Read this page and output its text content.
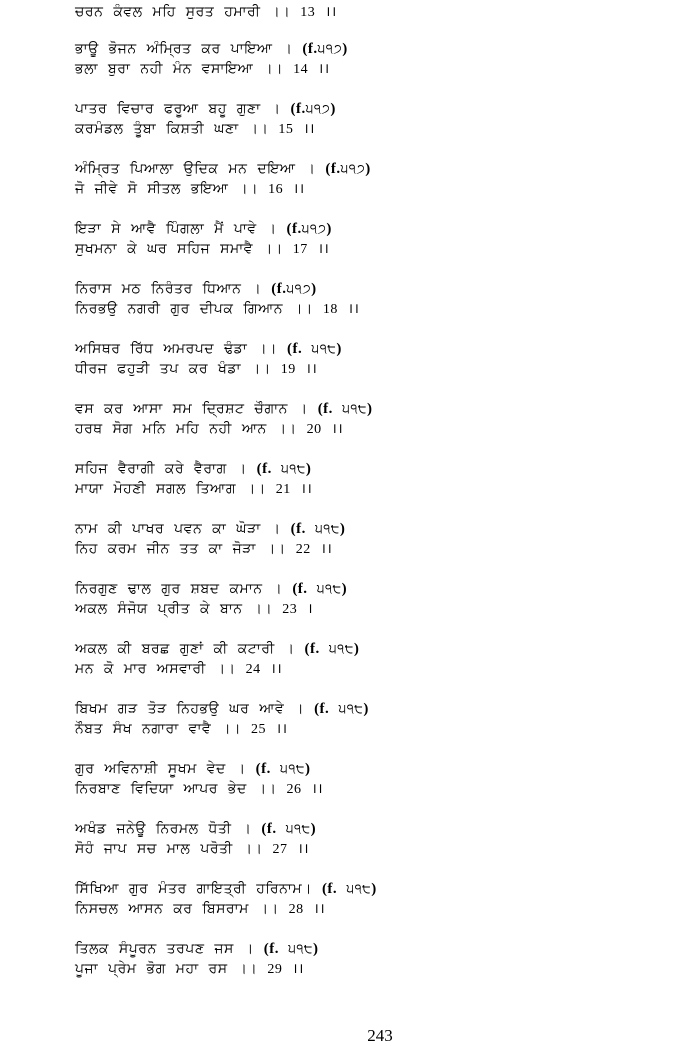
ਚਰਨ ਕੰਵਲ ਮਹਿ ਸੁਰਤ ਹਮਾਰੀ ।। 13 ।।
ਭਾਊ ਭੋਜਨ ਅੰਮ੍ਰਿਤ ਕਰ ਪਾਇਆ । (f.੫੧੭)
ਭਲਾ ਬੁਰਾ ਨਹੀ ਮੰਨ ਵਸਾਇਆ ।। 14 ।।
ਪਾਤਰ ਵਿਚਾਰ ਫਰੂਆ ਬਹੂ ਗੁਣਾ । (f.੫੧੭)
ਕਰਮੰਡਲ ਤੂੰਬਾ ਕਿਸ਼ਤੀ ਘਣਾ ।। 15 ।।
ਅੰਮ੍ਰਿਤ ਪਿਆਲਾ ਉਦਿਕ ਮਨ ਦਇਆ । (f.੫੧੭)
ਜੋ ਜੀਵੇ ਸੋ ਸੀਤਲ ਭਇਆ ।। 16 ।।
ਇੜਾ ਸੇ ਆਵੈ ਪਿੰਗਲਾ ਮੈਂ ਪਾਵੇ । (f.੫੧੭)
ਸੁਖਮਨਾ ਕੇ ਘਰ ਸਹਿਜ ਸਮਾਵੈ ।। 17 ।।
ਨਿਰਾਸ ਮਠ ਨਿਰੰਤਰ ਧਿਆਨ । (f.੫੧੭)
ਨਿਰਭਉ ਨਗਰੀ ਗੁਰ ਦੀਪਕ ਗਿਆਨ ।। 18 ।।
ਅਸਿਥਰ ਰਿੱਧ ਅਮਰਪਦ ਢੰਡਾ ।। (f. ੫੧੮)
ਧੀਰਜ ਫਹੁੜੀ ਤਪ ਕਰ ਖੰਡਾ ।। 19 ।।
ਵਸ ਕਰ ਆਸਾ ਸਮ ਦ੍ਰਿਸ਼ਟ ਚੌਗਾਨ । (f. ੫੧੮)
ਹਰਥ ਸੋਗ ਮਨਿ ਮਹਿ ਨਹੀ ਆਨ ।। 20 ।।
ਸਹਿਜ ਵੈਰਾਗੀ ਕਰੇ ਵੈਰਾਗ । (f. ੫੧੮)
ਮਾਯਾ ਮੋਹਣੀ ਸਗਲ ਤਿਆਗ ।। 21 ।।
ਨਾਮ ਕੀ ਪਾਖਰ ਪਵਨ ਕਾ ਘੋੜਾ । (f. ੫੧੮)
ਨਿਹ ਕਰਮ ਜੀਨ ਤਤ ਕਾ ਜੋੜਾ ।। 22 ।।
ਨਿਰਗੁਣ ਢਾਲ ਗੁਰ ਸ਼ਬਦ ਕਮਾਨ । (f. ੫੧੮)
ਅਕਲ ਸੰਜੋਯ ਪ੍ਰੀਤ ਕੇ ਬਾਨ ।। 23 ।
ਅਕਲ ਕੀ ਬਰਛ ਗੁਣਾਂ ਕੀ ਕਟਾਰੀ । (f. ੫੧੮)
ਮਨ ਕੋ ਮਾਰ ਅਸਵਾਰੀ ।। 24 ।।
ਬਿਖਮ ਗੜ ਤੋੜ ਨਿਹਭਉ ਘਰ ਆਵੇ । (f. ੫੧੮)
ਨੌਬਤ ਸੰਖ ਨਗਾਰਾ ਵਾਵੈ ।। 25 ।।
ਗੁਰ ਅਵਿਨਾਸ਼ੀ ਸੂਖਮ ਵੇਦ । (f. ੫੧੮)
ਨਿਰਬਾਣ ਵਿਦਿਯਾ ਆਪਰ ਭੇਦ ।। 26 ।।
ਅਖੰਡ ਜਨੇਊ ਨਿਰਮਲ ਧੋਤੀ । (f. ੫੧੮)
ਸੋਹੰ ਜਾਪ ਸਚ ਮਾਲ ਪਰੋਤੀ ।। 27 ।।
ਸਿੱਖਿਆ ਗੁਰ ਮੰਤਰ ਗਾਇਤ੍ਰੀ ਹਰਿਨਾਮ। (f. ੫੧੮)
ਨਿਸਚਲ ਆਸਨ ਕਰ ਬਿਸਰਾਮ ।। 28 ।।
ਤਿਲਕ ਸੰਪੂਰਨ ਤਰਪਣ ਜਸ । (f. ੫੧੮)
ਪੂਜਾ ਪ੍ਰੇਮ ਭੋਗ ਮਹਾ ਰਸ ।। 29 ।।
243
